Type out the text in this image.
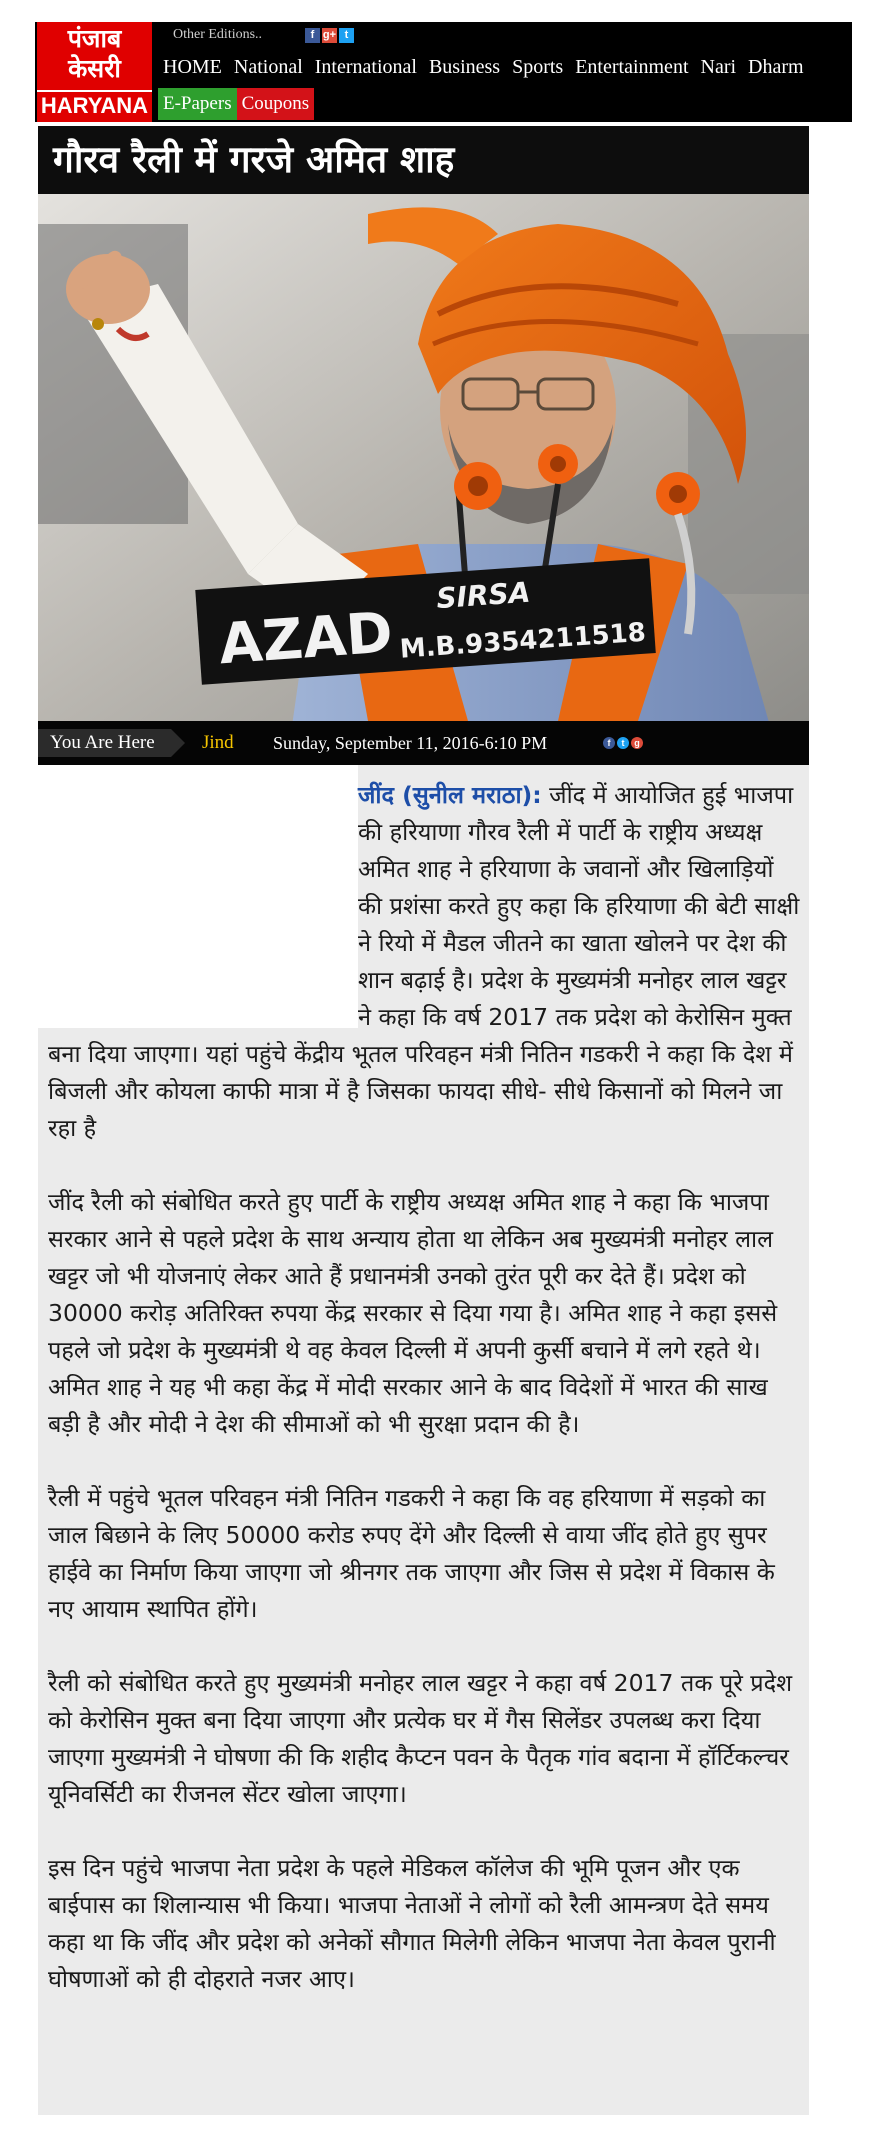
पंजाब
केसरी
HARYANA
Other Editions..	f g+ t
HOME National International Business Sports Entertainment Nari Dharm
E-Papers Coupons
गौरव रैली में गरजे अमित शाह
AZAD
SIRSA
M.B.9354211518
You Are Here	Jind Sunday, September 11, 2016-6:10 PM	f	t	g

जींद (सुनील मराठा): जींद में आयोजित हुई भाजपा की हरियाणा गौरव रैली में पार्टी के राष्ट्रीय अध्यक्ष अमित शाह ने हरियाणा के जवानों और खिलाड़ियों की प्रशंसा करते हुए कहा कि हरियाणा की बेटी साक्षी ने रियो में मैडल जीतने का खाता खोलने पर देश की शान बढ़ाई है। प्रदेश के मुख्यमंत्री मनोहर लाल खट्टर ने कहा कि वर्ष 2017 तक प्रदेश को केरोसिन मुक्त बना दिया जाएगा। यहां पहुंचे केंद्रीय भूतल परिवहन मंत्री नितिन गडकरी ने कहा कि देश में बिजली और कोयला काफी मात्रा में है जिसका फायदा सीधे- सीधे किसानों को मिलने जा रहा है

जींद रैली को संबोधित करते हुए पार्टी के राष्ट्रीय अध्यक्ष अमित शाह ने कहा कि भाजपा सरकार आने से पहले प्रदेश के साथ अन्याय होता था लेकिन अब मुख्यमंत्री मनोहर लाल खट्टर जो भी योजनाएं लेकर आते हैं प्रधानमंत्री उनको तुरंत पूरी कर देते हैं। प्रदेश को 30000 करोड़ अतिरिक्त रुपया केंद्र सरकार से दिया गया है। अमित शाह ने कहा इससे पहले जो प्रदेश के मुख्यमंत्री थे वह केवल दिल्ली में अपनी कुर्सी बचाने में लगे रहते थे। अमित शाह ने यह भी कहा केंद्र में मोदी सरकार आने के बाद विदेशों में भारत की साख बड़ी है और मोदी ने देश की सीमाओं को भी सुरक्षा प्रदान की है।

रैली में पहुंचे भूतल परिवहन मंत्री नितिन गडकरी ने कहा कि वह हरियाणा में सड़को का जाल बिछाने के लिए 50000 करोड रुपए देंगे और दिल्ली से वाया जींद होते हुए सुपर हाईवे का निर्माण किया जाएगा जो श्रीनगर तक जाएगा और जिस से प्रदेश में विकास के नए आयाम स्थापित होंगे।

रैली को संबोधित करते हुए मुख्यमंत्री मनोहर लाल खट्टर ने कहा वर्ष 2017 तक पूरे प्रदेश को केरोसिन मुक्त बना दिया जाएगा और प्रत्येक घर में गैस सिलेंडर उपलब्ध करा दिया जाएगा मुख्यमंत्री ने घोषणा की कि शहीद कैप्टन पवन के पैतृक गांव बदाना में हॉर्टिकल्चर यूनिवर्सिटी का रीजनल सेंटर खोला जाएगा।

इस दिन पहुंचे भाजपा नेता प्रदेश के पहले मेडिकल कॉलेज की भूमि पूजन और एक बाईपास का शिलान्यास भी किया। भाजपा नेताओं ने लोगों को रैली आमन्त्रण देते समय कहा था कि जींद और प्रदेश को अनेकों सौगात मिलेगी लेकिन भाजपा नेता केवल पुरानी घोषणाओं को ही दोहराते नजर आए।
